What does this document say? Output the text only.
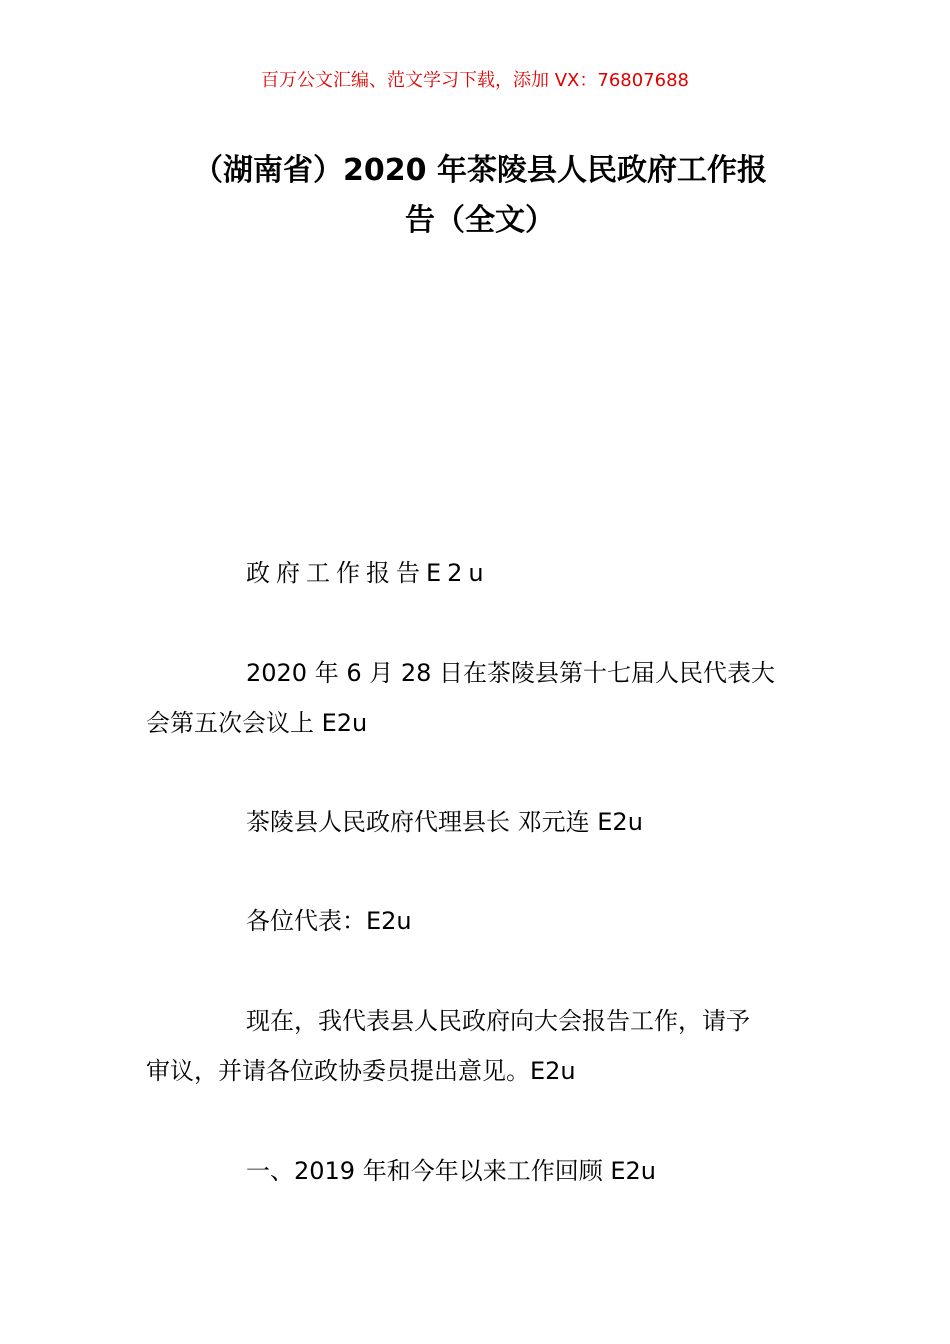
百万公文汇编、范文学习下载，添加 VX：76807688
（湖南省）2020 年茶陵县人民政府工作报
告（全文）
政府工作报告E2u
2020 年 6 月 28 日在茶陵县第十七届人民代表大
会第五次会议上 E2u
茶陵县人民政府代理县长 邓元连 E2u
各位代表：E2u
现在，我代表县人民政府向大会报告工作，请予
审议，并请各位政协委员提出意见。E2u
一、2019 年和今年以来工作回顾 E2u
